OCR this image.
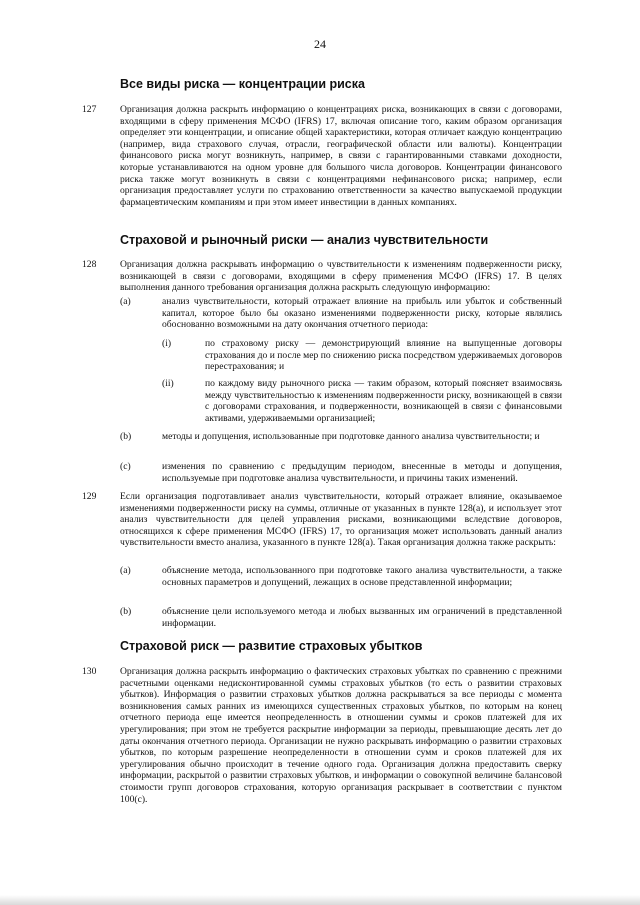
24
Все виды риска — концентрации риска
127 Организация должна раскрыть информацию о концентрациях риска, возникающих в связи с договорами, входящими в сферу применения МСФО (IFRS) 17, включая описание того, каким образом организация определяет эти концентрации, и описание общей характеристики, которая отличает каждую концентрацию (например, вида страхового случая, отрасли, географической области или валюты). Концентрации финансового риска могут возникнуть, например, в связи с гарантированными ставками доходности, которые устанавливаются на одном уровне для большого числа договоров. Концентрации финансового риска также могут возникнуть в связи с концентрациями нефинансового риска; например, если организация предоставляет услуги по страхованию ответственности за качество выпускаемой продукции фармацевтическим компаниям и при этом имеет инвестиции в данных компаниях.
Страховой и рыночный риски — анализ чувствительности
128 Организация должна раскрывать информацию о чувствительности к изменениям подверженности риску, возникающей в связи с договорами, входящими в сферу применения МСФО (IFRS) 17. В целях выполнения данного требования организация должна раскрыть следующую информацию:
(a)	анализ чувствительности, который отражает влияние на прибыль или убыток и собственный капитал, которое было бы оказано изменениями подверженности риску, которые являлись обоснованно возможными на дату окончания отчетного периода:
(i)	по страховому риску — демонстрирующий влияние на выпущенные договоры страхования до и после мер по снижению риска посредством удерживаемых договоров перестрахования; и
(ii)	по каждому виду рыночного риска — таким образом, который поясняет взаимосвязь между чувствительностью к изменениям подверженности риску, возникающей в связи с договорами страхования, и подверженности, возникающей в связи с финансовыми активами, удерживаемыми организацией;
(b)	методы и допущения, использованные при подготовке данного анализа чувствительности; и
(c)	изменения по сравнению с предыдущим периодом, внесенные в методы и допущения, используемые при подготовке анализа чувствительности, и причины таких изменений.
129 Если организация подготавливает анализ чувствительности, который отражает влияние, оказываемое изменениями подверженности риску на суммы, отличные от указанных в пункте 128(a), и использует этот анализ чувствительности для целей управления рисками, возникающими вследствие договоров, относящихся к сфере применения МСФО (IFRS) 17, то организация может использовать данный анализ чувствительности вместо анализа, указанного в пункте 128(a). Такая организация должна также раскрыть:
(a)	объяснение метода, использованного при подготовке такого анализа чувствительности, а также основных параметров и допущений, лежащих в основе представленной информации;
(b)	объяснение цели используемого метода и любых вызванных им ограничений в представленной информации.
Страховой риск — развитие страховых убытков
130 Организация должна раскрыть информацию о фактических страховых убытках по сравнению с прежними расчетными оценками недисконтированной суммы страховых убытков (то есть о развитии страховых убытков). Информация о развитии страховых убытков должна раскрываться за все периоды с момента возникновения самых ранних из имеющихся существенных страховых убытков, по которым на конец отчетного периода еще имеется неопределенность в отношении суммы и сроков платежей для их урегулирования; при этом не требуется раскрытие информации за периоды, превышающие десять лет до даты окончания отчетного периода. Организации не нужно раскрывать информацию о развитии страховых убытков, по которым разрешение неопределенности в отношении сумм и сроков платежей для их урегулирования обычно происходит в течение одного года. Организация должна предоставить сверку информации, раскрытой о развитии страховых убытков, и информации о совокупной величине балансовой стоимости групп договоров страхования, которую организация раскрывает в соответствии с пунктом 100(c).
